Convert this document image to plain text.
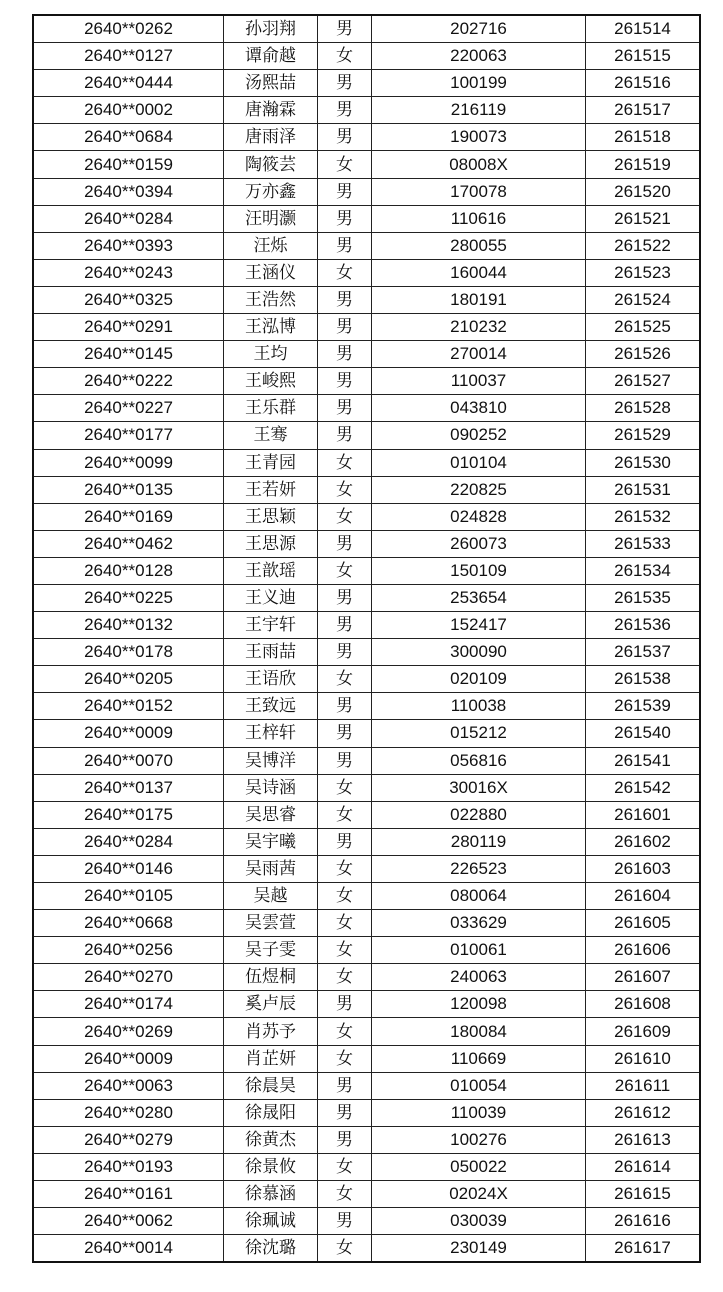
2640**0262	孙羽翔	男	202716	261514
2640**0127	谭俞越	女	220063	261515
2640**0444	汤熙喆	男	100199	261516
2640**0002	唐瀚霖	男	216119	261517
2640**0684	唐雨泽	男	190073	261518
2640**0159	陶筱芸	女	08008X	261519
2640**0394	万亦鑫	男	170078	261520
2640**0284	汪明灏	男	110616	261521
2640**0393	汪烁	男	280055	261522
2640**0243	王涵仪	女	160044	261523
2640**0325	王浩然	男	180191	261524
2640**0291	王泓博	男	210232	261525
2640**0145	王均	男	270014	261526
2640**0222	王峻熙	男	110037	261527
2640**0227	王乐群	男	043810	261528
2640**0177	王骞	男	090252	261529
2640**0099	王青园	女	010104	261530
2640**0135	王若妍	女	220825	261531
2640**0169	王思颖	女	024828	261532
2640**0462	王思源	男	260073	261533
2640**0128	王歆瑶	女	150109	261534
2640**0225	王义迪	男	253654	261535
2640**0132	王宇轩	男	152417	261536
2640**0178	王雨喆	男	300090	261537
2640**0205	王语欣	女	020109	261538
2640**0152	王致远	男	110038	261539
2640**0009	王梓轩	男	015212	261540
2640**0070	吴博洋	男	056816	261541
2640**0137	吴诗涵	女	30016X	261542
2640**0175	吴思睿	女	022880	261601
2640**0284	吴宇曦	男	280119	261602
2640**0146	吴雨茜	女	226523	261603
2640**0105	吴越	女	080064	261604
2640**0668	吴雲萱	女	033629	261605
2640**0256	吴子雯	女	010061	261606
2640**0270	伍煜桐	女	240063	261607
2640**0174	奚卢辰	男	120098	261608
2640**0269	肖苏予	女	180084	261609
2640**0009	肖芷妍	女	110669	261610
2640**0063	徐晨昊	男	010054	261611
2640**0280	徐晟阳	男	110039	261612
2640**0279	徐黄杰	男	100276	261613
2640**0193	徐景攸	女	050022	261614
2640**0161	徐慕涵	女	02024X	261615
2640**0062	徐珮诚	男	030039	261616
2640**0014	徐沈璐	女	230149	261617
